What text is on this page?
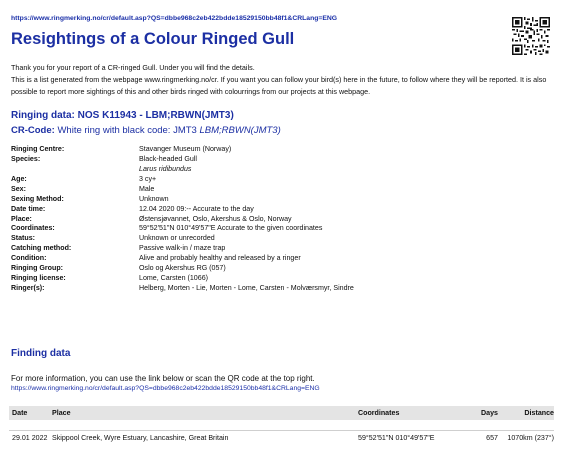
https://www.ringmerking.no/cr/default.asp?QS=dbbe968c2eb422bdde18529150bb48f1&CRLang=ENG
Resightings of a Colour Ringed Gull

Thank you for your report of a CR-ringed Gull. Under you will find the details.

This is a list generated from the webpage www.ringmerking.no/cr. If you want you can follow your bird(s) here in the future, to follow where they will be reported. It is also possible to report more sightings of this and other birds ringed with colourrings from our projects at this webpage.

Ringing data: NOS K11943 - LBM;RBWN(JMT3)
CR-Code: White ring with black code: JMT3 LBM;RBWN(JMT3)
Ringing Centre:	Stavanger Museum (Norway)
Species:	Black-headed Gull
Larus ridibundus
Age:	3 cy+
Sex:	Male
Sexing Method:	Unknown
Date time:	12.04 2020 09:-- Accurate to the day
Place:	Østensjøvannet, Oslo, Akershus & Oslo, Norway
Coordinates:	59°52'51"N 010°49'57"E Accurate to the given coordinates
Status:	Unknown or unrecorded
Catching method:	Passive walk-in / maze trap
Condition:	Alive and probably healthy and released by a ringer
Ringing Group:	Oslo og Akershus RG (057)
Ringing license:	Lome, Carsten (1066)
Ringer(s):	Helberg, Morten - Lie, Morten - Lome, Carsten - Molværsmyr, Sindre
Finding data
For more information, you can use the link below or scan the QR code at the top right.
https://www.ringmerking.no/cr/default.asp?QS=dbbe968c2eb422bdde18529150bb48f1&CRLang=ENG
Date	Place	Coordinates	Days	Distance
29.01 2022 Skippool Creek, Wyre Estuary, Lancashire, Great Britain	59°52'51"N 010°49'57"E	657	1070km (237°)
